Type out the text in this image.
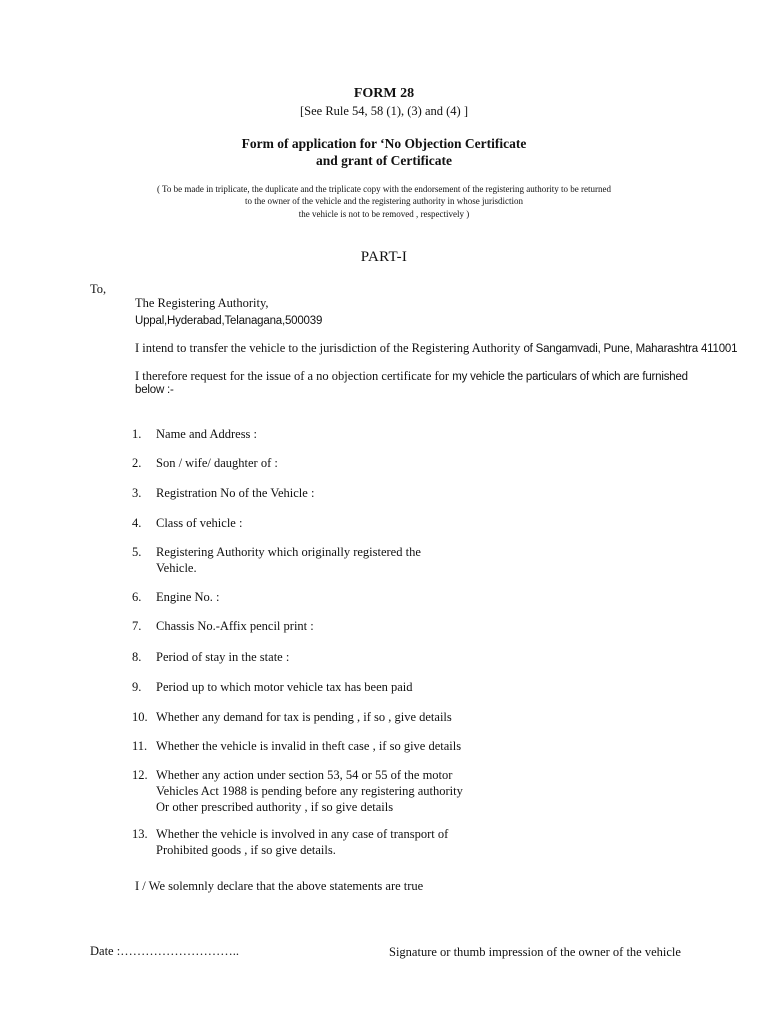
FORM 28
[See Rule 54, 58 (1), (3) and (4) ]
Form of application for ‘No Objection Certificate
and grant of Certificate
( To be made in triplicate, the duplicate and the triplicate copy with the endorsement of the registering authority to be returned
to the owner of the vehicle and the registering authority in whose jurisdiction
the vehicle is not to be removed , respectively )
PART-I
To,
The Registering Authority,
Uppal,Hyderabad,Telanagana,500039
I intend to transfer the vehicle to the jurisdiction of the Registering Authority of Sangamvadi, Pune, Maharashtra 411001
I therefore request for the issue of a no objection certificate for my vehicle the particulars of which are furnished
below :-
1. Name and Address :
2. Son / wife/ daughter of :
3. Registration No of the Vehicle :
4. Class of vehicle :
5. Registering Authority which originally registered the
Vehicle.
6. Engine No. :
7. Chassis No.-Affix pencil print :
8. Period of stay in the state :
9. Period up to which motor vehicle tax has been paid
10. Whether any demand for tax is pending , if so , give details
11. Whether the vehicle is invalid in theft case , if so give details
12. Whether any action under section 53, 54 or 55 of the motor
Vehicles Act 1988 is pending before any registering authority
Or other prescribed authority , if so give details
13. Whether the vehicle is involved in any case of transport of
Prohibited goods , if so give details.
I / We solemnly declare that the above statements are true
Date :………………………..	Signature or thumb impression of the owner of the vehicle
